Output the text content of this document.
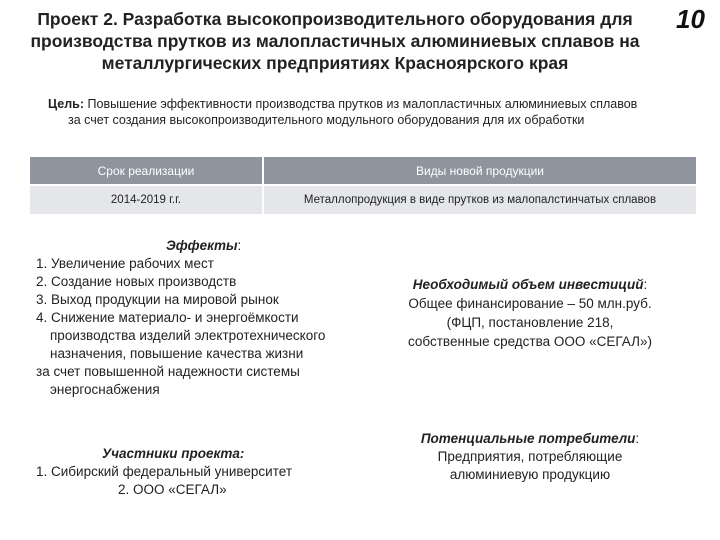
Проект 2. Разработка высокопроизводительного оборудования для
производства прутков из малопластичных алюминиевых сплавов на
металлургических предприятиях Красноярского края
10
Цель: Повышение эффективности производства прутков из малопластичных алюминиевых сплавов
за счет создания высокопроизводительного модульного оборудования для их обработки
Срок реализации	Виды новой продукции
2014-2019 г.г.	Металлопродукция в виде прутков из малопалстинчатых сплавов
Эффекты:
1. Увеличение рабочих мест
2. Создание новых производств
3. Выход продукции на мировой рынок
4. Снижение материало- и энергоёмкости
производства изделий электротехнического
назначения, повышение качества жизни
за счет повышенной надежности системы
энергоснабжения
Необходимый объем инвестиций:
Общее финансирование – 50 млн.руб.
(ФЦП, постановление 218,
собственные средства ООО «СЕГАЛ»)
Участники проекта:
1. Сибирский федеральный университет
2. ООО «СЕГАЛ»
Потенциальные потребители:
Предприятия, потребляющие
алюминиевую продукцию
